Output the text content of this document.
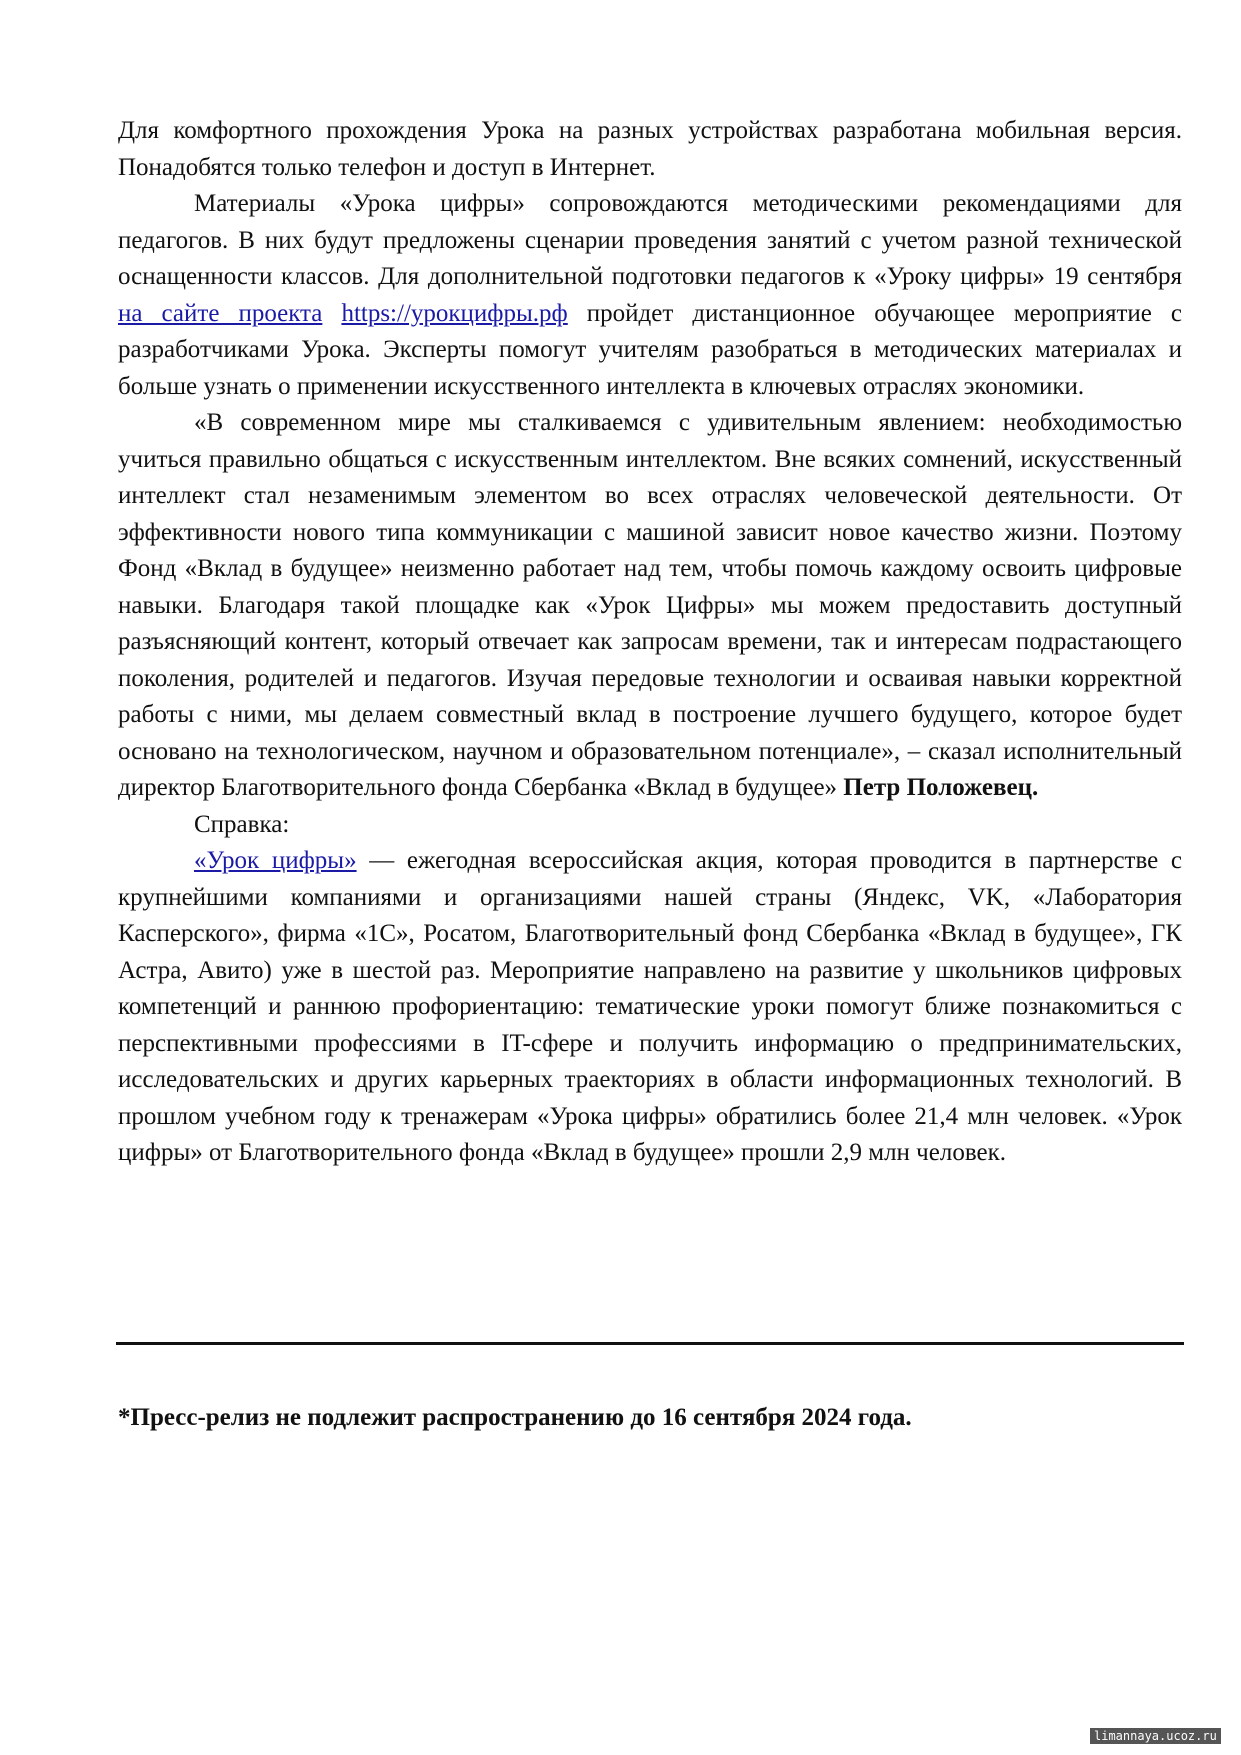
Для комфортного прохождения Урока на разных устройствах разработана мобильная версия. Понадобятся только телефон и доступ в Интернет.

Материалы «Урока цифры» сопровождаются методическими рекомендациями для педагогов. В них будут предложены сценарии проведения занятий с учетом разной технической оснащенности классов. Для дополнительной подготовки педагогов к «Уроку цифры» 19 сентября на сайте проекта https://урокцифры.рф пройдет дистанционное обучающее мероприятие с разработчиками Урока. Эксперты помогут учителям разобраться в методических материалах и больше узнать о применении искусственного интеллекта в ключевых отраслях экономики.

«В современном мире мы сталкиваемся с удивительным явлением: необходимостью учиться правильно общаться с искусственным интеллектом. Вне всяких сомнений, искусственный интеллект стал незаменимым элементом во всех отраслях человеческой деятельности. От эффективности нового типа коммуникации с машиной зависит новое качество жизни. Поэтому Фонд «Вклад в будущее» неизменно работает над тем, чтобы помочь каждому освоить цифровые навыки. Благодаря такой площадке как «Урок Цифры» мы можем предоставить доступный разъясняющий контент, который отвечает как запросам времени, так и интересам подрастающего поколения, родителей и педагогов. Изучая передовые технологии и осваивая навыки корректной работы с ними, мы делаем совместный вклад в построение лучшего будущего, которое будет основано на технологическом, научном и образовательном потенциале», – сказал исполнительный директор Благотворительного фонда Сбербанка «Вклад в будущее» Петр Положевец.

Справка:

«Урок цифры» — ежегодная всероссийская акция, которая проводится в партнерстве с крупнейшими компаниями и организациями нашей страны (Яндекс, VK, «Лаборатория Касперского», фирма «1С», Росатом, Благотворительный фонд Сбербанка «Вклад в будущее», ГК Астра, Авито) уже в шестой раз. Мероприятие направлено на развитие у школьников цифровых компетенций и раннюю профориентацию: тематические уроки помогут ближе познакомиться с перспективными профессиями в IT-сфере и получить информацию о предпринимательских, исследовательских и других карьерных траекториях в области информационных технологий. В прошлом учебном году к тренажерам «Урока цифры» обратились более 21,4 млн человек. «Урок цифры» от Благотворительного фонда «Вклад в будущее» прошли 2,9 млн человек.

*Пресс-релиз не подлежит распространению до 16 сентября 2024 года.
limannaya.ucoz.ru
